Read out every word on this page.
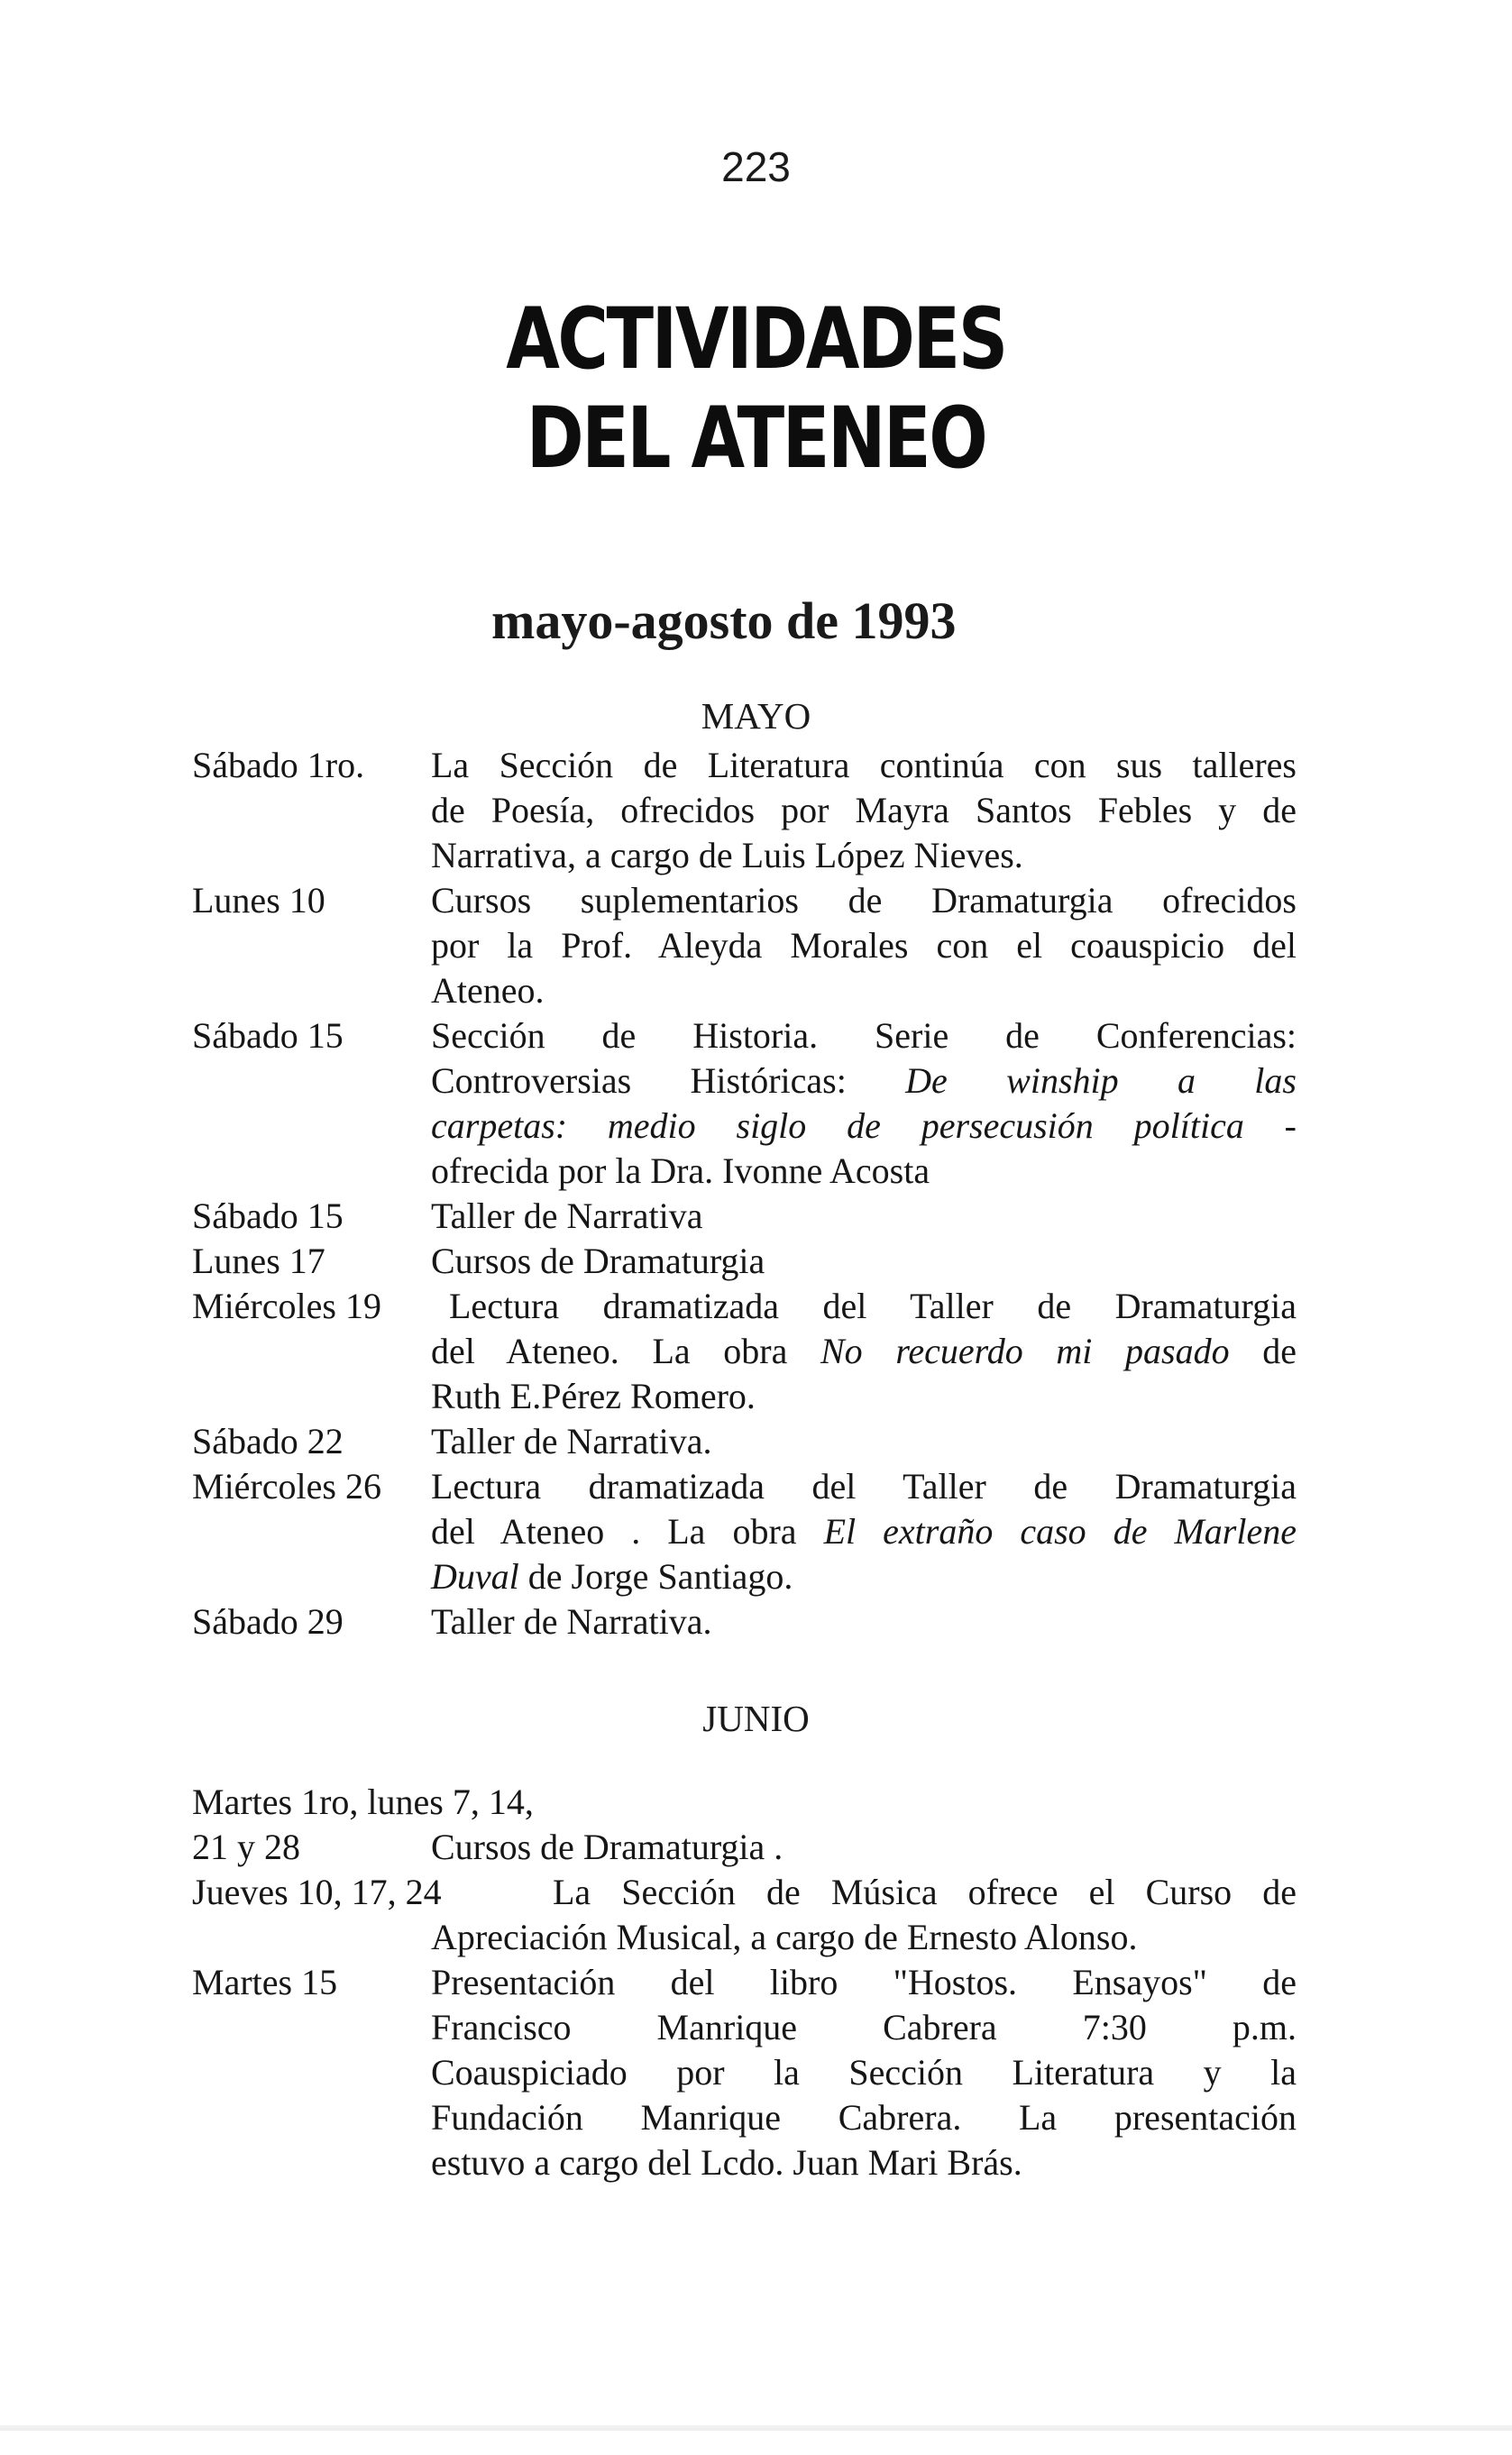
223
ACTIVIDADES
DEL ATENEO
mayo-agosto de 1993
MAYO
Sábado 1ro. La Sección de Literatura continúa con sus talleres
de Poesía, ofrecidos por Mayra Santos Febles y de
Narrativa, a cargo de Luis López Nieves.
Lunes 10	Cursos suplementarios de Dramaturgia ofrecidos
por la Prof. Aleyda Morales con el coauspicio del
Ateneo.
Sábado 15 Sección de Historia. Serie de Conferencias:
Controversias Históricas: De winship a las
carpetas: medio siglo de persecusión política -
ofrecida por la Dra. Ivonne Acosta
Sábado 15 Taller de Narrativa
Lunes 17	Cursos de Dramaturgia
Miércoles 19 Lectura dramatizada del Taller de Dramaturgia
del Ateneo. La obra No recuerdo mi pasado de
Ruth E.Pérez Romero.
Sábado 22 Taller de Narrativa.
Miércoles 26 Lectura dramatizada del Taller de Dramaturgia
del Ateneo . La obra El extraño caso de Marlene
Duval de Jorge Santiago.
Sábado 29 Taller de Narrativa.
JUNIO
Martes 1ro, lunes 7, 14,
21 y 28	Cursos de Dramaturgia .
Jueves 10, 17, 24	La Sección de Música ofrece el Curso de
Apreciación Musical, a cargo de Ernesto Alonso.
Martes 15	Presentación del libro "Hostos. Ensayos" de
Francisco Manrique Cabrera 7:30 p.m.
Coauspiciado por la Sección Literatura y la
Fundación Manrique Cabrera. La presentación
estuvo a cargo del Lcdo. Juan Mari Brás.
